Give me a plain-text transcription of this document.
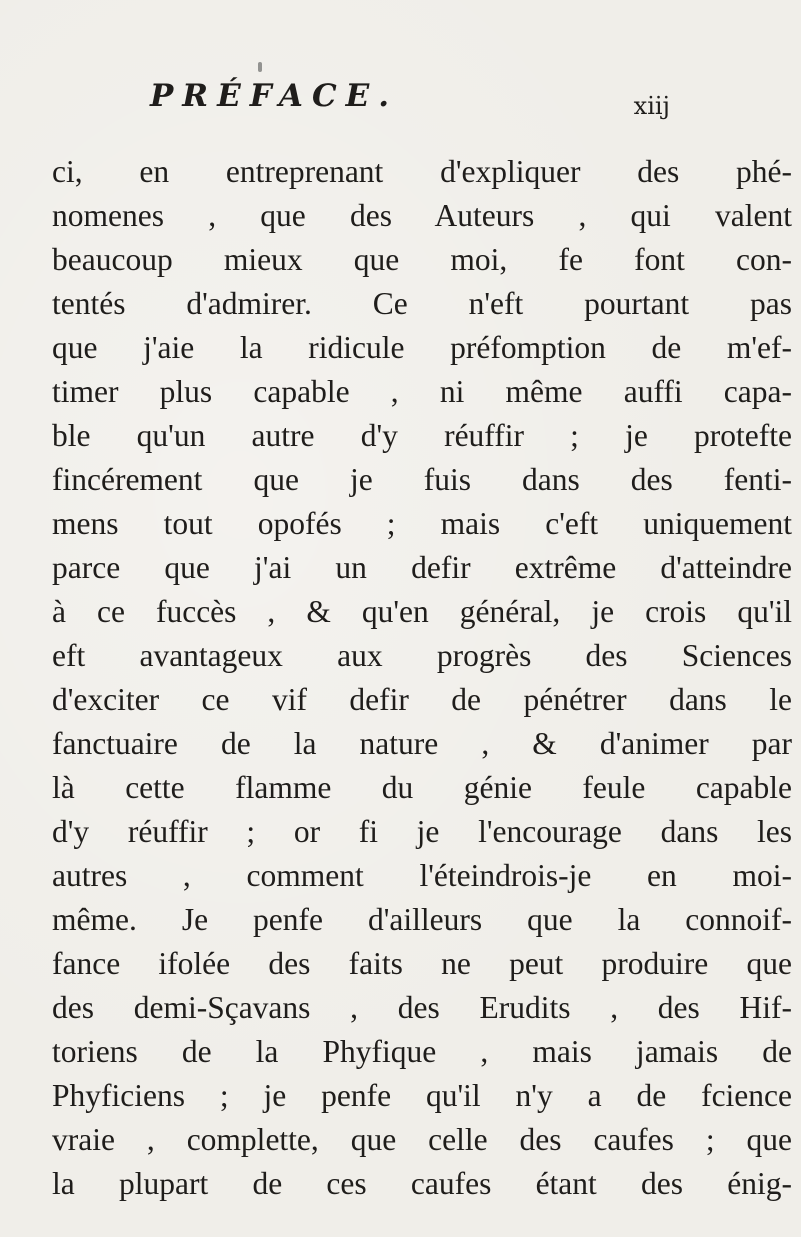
PRÉFACE.	xiij
ci, en entreprenant d'expliquer des phé-
nomenes , que des Auteurs , qui valent
beaucoup mieux que moi, fe font con-
tentés d'admirer. Ce n'eft pourtant pas
que j'aie la ridicule préfomption de m'ef-
timer plus capable , ni même auffi capa-
ble qu'un autre d'y réuffir ; je protefte
fincérement que je fuis dans des fenti-
mens tout opofés ; mais c'eft uniquement
parce que j'ai un defir extrême d'atteindre
à ce fuccès , & qu'en général, je crois qu'il
eft avantageux aux progrès des Sciences
d'exciter ce vif defir de pénétrer dans le
fanctuaire de la nature , & d'animer par
là cette flamme du génie feule capable
d'y réuffir ; or fi je l'encourage dans les
autres , comment l'éteindrois-je en moi-
même. Je penfe d'ailleurs que la connoif-
fance ifolée des faits ne peut produire que
des demi-Sçavans , des Erudits , des Hif-
toriens de la Phyfique , mais jamais de
Phyficiens ; je penfe qu'il n'y a de fcience
vraie , complette, que celle des caufes ; que
la plupart de ces caufes étant des énig-
